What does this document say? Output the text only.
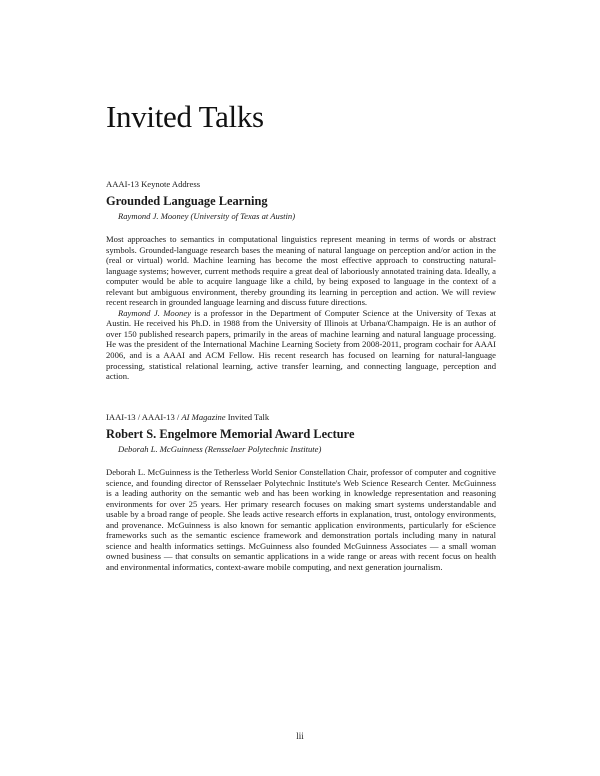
Invited Talks

AAAI-13 Keynote Address

Grounded Language Learning

Raymond J. Mooney (University of Texas at Austin)

Most approaches to semantics in computational linguistics represent meaning in terms of words or abstract symbols. Grounded-language research bases the meaning of natural language on perception and/or action in the (real or virtual) world. Machine learning has become the most effective approach to constructing natural-language systems; however, current methods require a great deal of laboriously annotated training data. Ideally, a computer would be able to acquire language like a child, by being exposed to language in the context of a relevant but ambiguous environment, thereby grounding its learning in perception and action. We will review recent research in grounded language learning and discuss future directions.

Raymond J. Mooney is a professor in the Department of Computer Science at the University of Texas at Austin. He received his Ph.D. in 1988 from the University of Illinois at Urbana/Champaign. He is an author of over 150 published research papers, primarily in the areas of machine learning and natural language processing. He was the president of the International Machine Learning Society from 2008-2011, program cochair for AAAI 2006, and is a AAAI and ACM Fellow. His recent research has focused on learning for natural-language processing, statistical relational learning, active transfer learning, and connecting language, perception and action.

IAAI-13 / AAAI-13 / AI Magazine Invited Talk

Robert S. Engelmore Memorial Award Lecture

Deborah L. McGuinness (Rensselaer Polytechnic Institute)

Deborah L. McGuinness is the Tetherless World Senior Constellation Chair, professor of computer and cognitive science, and founding director of Rensselaer Polytechnic Institute's Web Science Research Center. McGuinness is a leading authority on the semantic web and has been working in knowledge representation and reasoning environments for over 25 years. Her primary research focuses on making smart systems understandable and usable by a broad range of people. She leads active research efforts in explanation, trust, ontology environments, and provenance. McGuinness is also known for semantic application environments, particularly for eScience frameworks such as the semantic escience framework and demonstration portals including many in natural science and health informatics settings. McGuinness also founded McGuinness Associates — a small woman owned business — that consults on semantic applications in a wide range or areas with recent focus on health and environmental informatics, context-aware mobile computing, and next generation journalism.

lii
